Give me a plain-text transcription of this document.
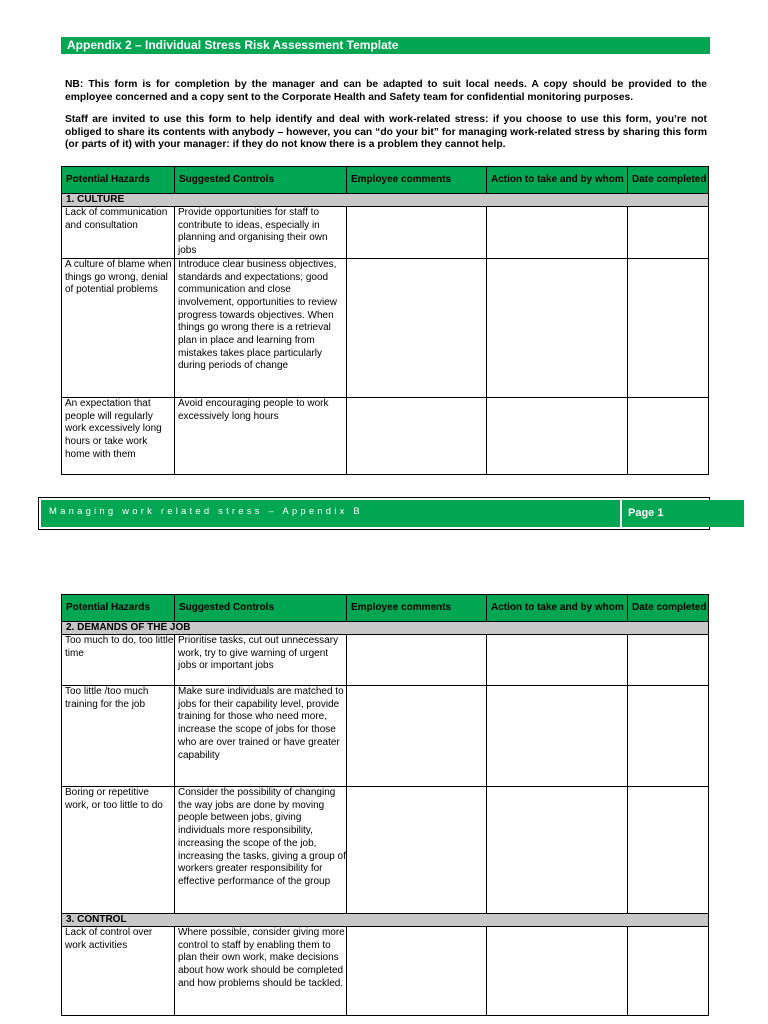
Appendix 2 – Individual Stress Risk Assessment Template

NB: This form is for completion by the manager and can be adapted to suit local needs. A copy should be provided to the employee concerned and a copy sent to the Corporate Health and Safety team for confidential monitoring purposes.

Staff are invited to use this form to help identify and deal with work-related stress: if you choose to use this form, you’re not obliged to share its contents with anybody – however, you can “do your bit” for managing work-related stress by sharing this form (or parts of it) with your manager: if they do not know there is a problem they cannot help.

Potential Hazards	Suggested Controls	Employee comments	Action to take and by whom	Date completed
1. CULTURE				
Lack of communication and consultation	Provide opportunities for staff to contribute to ideas, especially in planning and organising their own jobs			
A culture of blame when things go wrong, denial of potential problems	Introduce clear business objectives, standards and expectations; good communication and close involvement, opportunities to review progress towards objectives. When things go wrong there is a retrieval plan in place and learning from mistakes takes place particularly during periods of change			
An expectation that people will regularly work excessively long hours or take work home with them	Avoid encouraging people to work excessively long hours			
Managing work related stress – Appendix B	Page 1
Potential Hazards	Suggested Controls	Employee comments	Action to take and by whom	Date completed
2. DEMANDS OF THE JOB				
Too much to do, too little time	Prioritise tasks, cut out unnecessary work, try to give warning of urgent jobs or important jobs			
Too little /too much training for the job	Make sure individuals are matched to jobs for their capability level, provide training for those who need more, increase the scope of jobs for those who are over trained or have greater capability			
Boring or repetitive work, or too little to do	Consider the possibility of changing the way jobs are done by moving people between jobs, giving individuals more responsibility, increasing the scope of the job, increasing the tasks, giving a group of workers greater responsibility for effective performance of the group			
3. CONTROL				
Lack of control over work activities	Where possible, consider giving more control to staff by enabling them to plan their own work, make decisions about how work should be completed and how problems should be tackled.			
